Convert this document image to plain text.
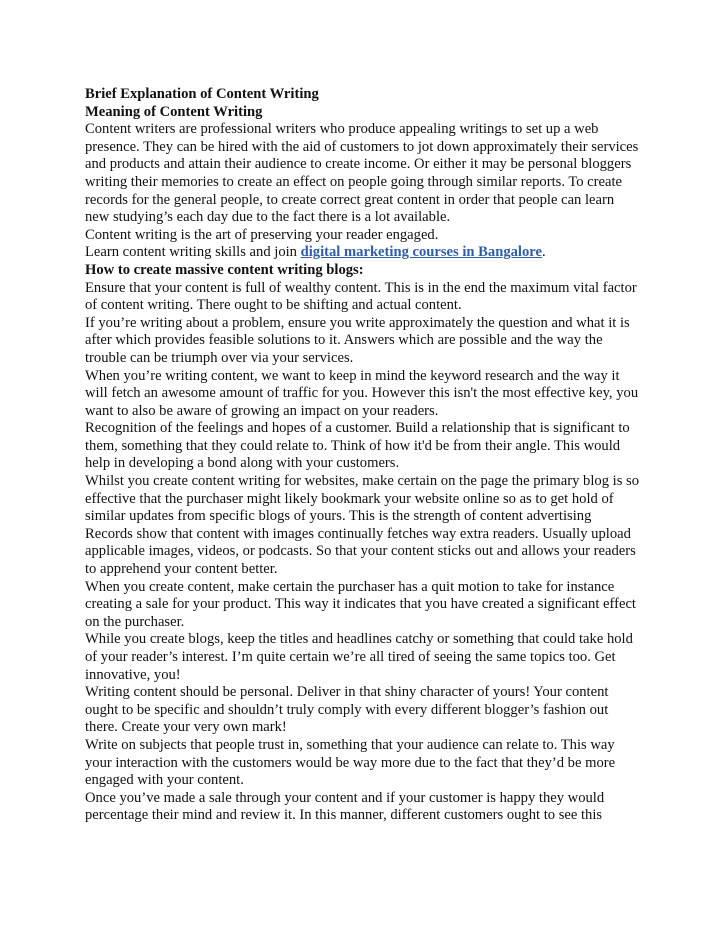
Brief Explanation of Content Writing

Meaning of Content Writing

Content writers are professional writers who produce appealing writings to set up a web presence. They can be hired with the aid of customers to jot down approximately their services and products and attain their audience to create income. Or either it may be personal bloggers writing their memories to create an effect on people going through similar reports. To create records for the general people, to create correct great content in order that people can learn new studying’s each day due to the fact there is a lot available.

Content writing is the art of preserving your reader engaged.

Learn content writing skills and join digital marketing courses in Bangalore.

How to create massive content writing blogs:

Ensure that your content is full of wealthy content. This is in the end the maximum vital factor of content writing. There ought to be shifting and actual content.

If you’re writing about a problem, ensure you write approximately the question and what it is after which provides feasible solutions to it. Answers which are possible and the way the trouble can be triumph over via your services.

When you’re writing content, we want to keep in mind the keyword research and the way it will fetch an awesome amount of traffic for you. However this isn't the most effective key, you want to also be aware of growing an impact on your readers.

Recognition of the feelings and hopes of a customer. Build a relationship that is significant to them, something that they could relate to. Think of how it'd be from their angle. This would help in developing a bond along with your customers.

Whilst you create content writing for websites, make certain on the page the primary blog is so effective that the purchaser might likely bookmark your website online so as to get hold of similar updates from specific blogs of yours. This is the strength of content advertising

Records show that content with images continually fetches way extra readers. Usually upload applicable images, videos, or podcasts. So that your content sticks out and allows your readers to apprehend your content better.

When you create content, make certain the purchaser has a quit motion to take for instance creating a sale for your product. This way it indicates that you have created a significant effect on the purchaser.

While you create blogs, keep the titles and headlines catchy or something that could take hold of your reader’s interest. I’m quite certain we’re all tired of seeing the same topics too. Get innovative, you!

Writing content should be personal. Deliver in that shiny character of yours! Your content ought to be specific and shouldn’t truly comply with every different blogger’s fashion out there. Create your very own mark!

Write on subjects that people trust in, something that your audience can relate to. This way your interaction with the customers would be way more due to the fact that they’d be more engaged with your content.

Once you’ve made a sale through your content and if your customer is happy they would percentage their mind and review it. In this manner, different customers ought to see this
